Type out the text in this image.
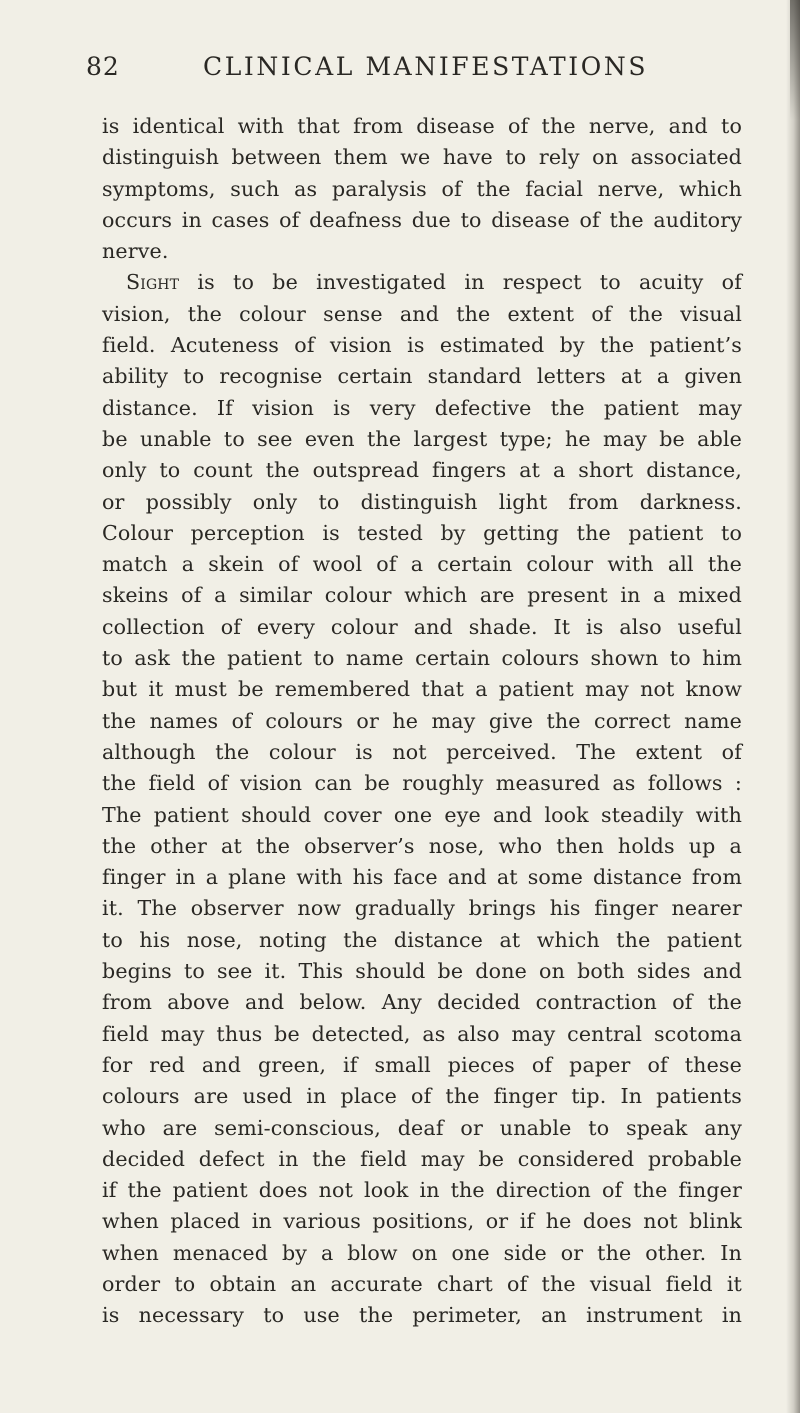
82	CLINICAL MANIFESTATIONS
is identical with that from disease of the nerve, and to
distinguish between them we have to rely on associated
symptoms, such as paralysis of the facial nerve, which
occurs in cases of deafness due to disease of the auditory
nerve.
Sight is to be investigated in respect to acuity of
vision, the colour sense and the extent of the visual
field. Acuteness of vision is estimated by the patient’s
ability to recognise certain standard letters at a given
distance. If vision is very defective the patient may
be unable to see even the largest type; he may be able
only to count the outspread fingers at a short distance,
or possibly only to distinguish light from darkness.
Colour perception is tested by getting the patient to
match a skein of wool of a certain colour with all the
skeins of a similar colour which are present in a mixed
collection of every colour and shade. It is also useful
to ask the patient to name certain colours shown to him
but it must be remembered that a patient may not know
the names of colours or he may give the correct name
although the colour is not perceived. The extent of
the field of vision can be roughly measured as follows :
The patient should cover one eye and look steadily with
the other at the observer’s nose, who then holds up a
finger in a plane with his face and at some distance from
it. The observer now gradually brings his finger nearer
to his nose, noting the distance at which the patient
begins to see it. This should be done on both sides and
from above and below. Any decided contraction of the
field may thus be detected, as also may central scotoma
for red and green, if small pieces of paper of these
colours are used in place of the finger tip. In patients
who are semi-conscious, deaf or unable to speak any
decided defect in the field may be considered probable
if the patient does not look in the direction of the finger
when placed in various positions, or if he does not blink
when menaced by a blow on one side or the other. In
order to obtain an accurate chart of the visual field it
is necessary to use the perimeter, an instrument in
